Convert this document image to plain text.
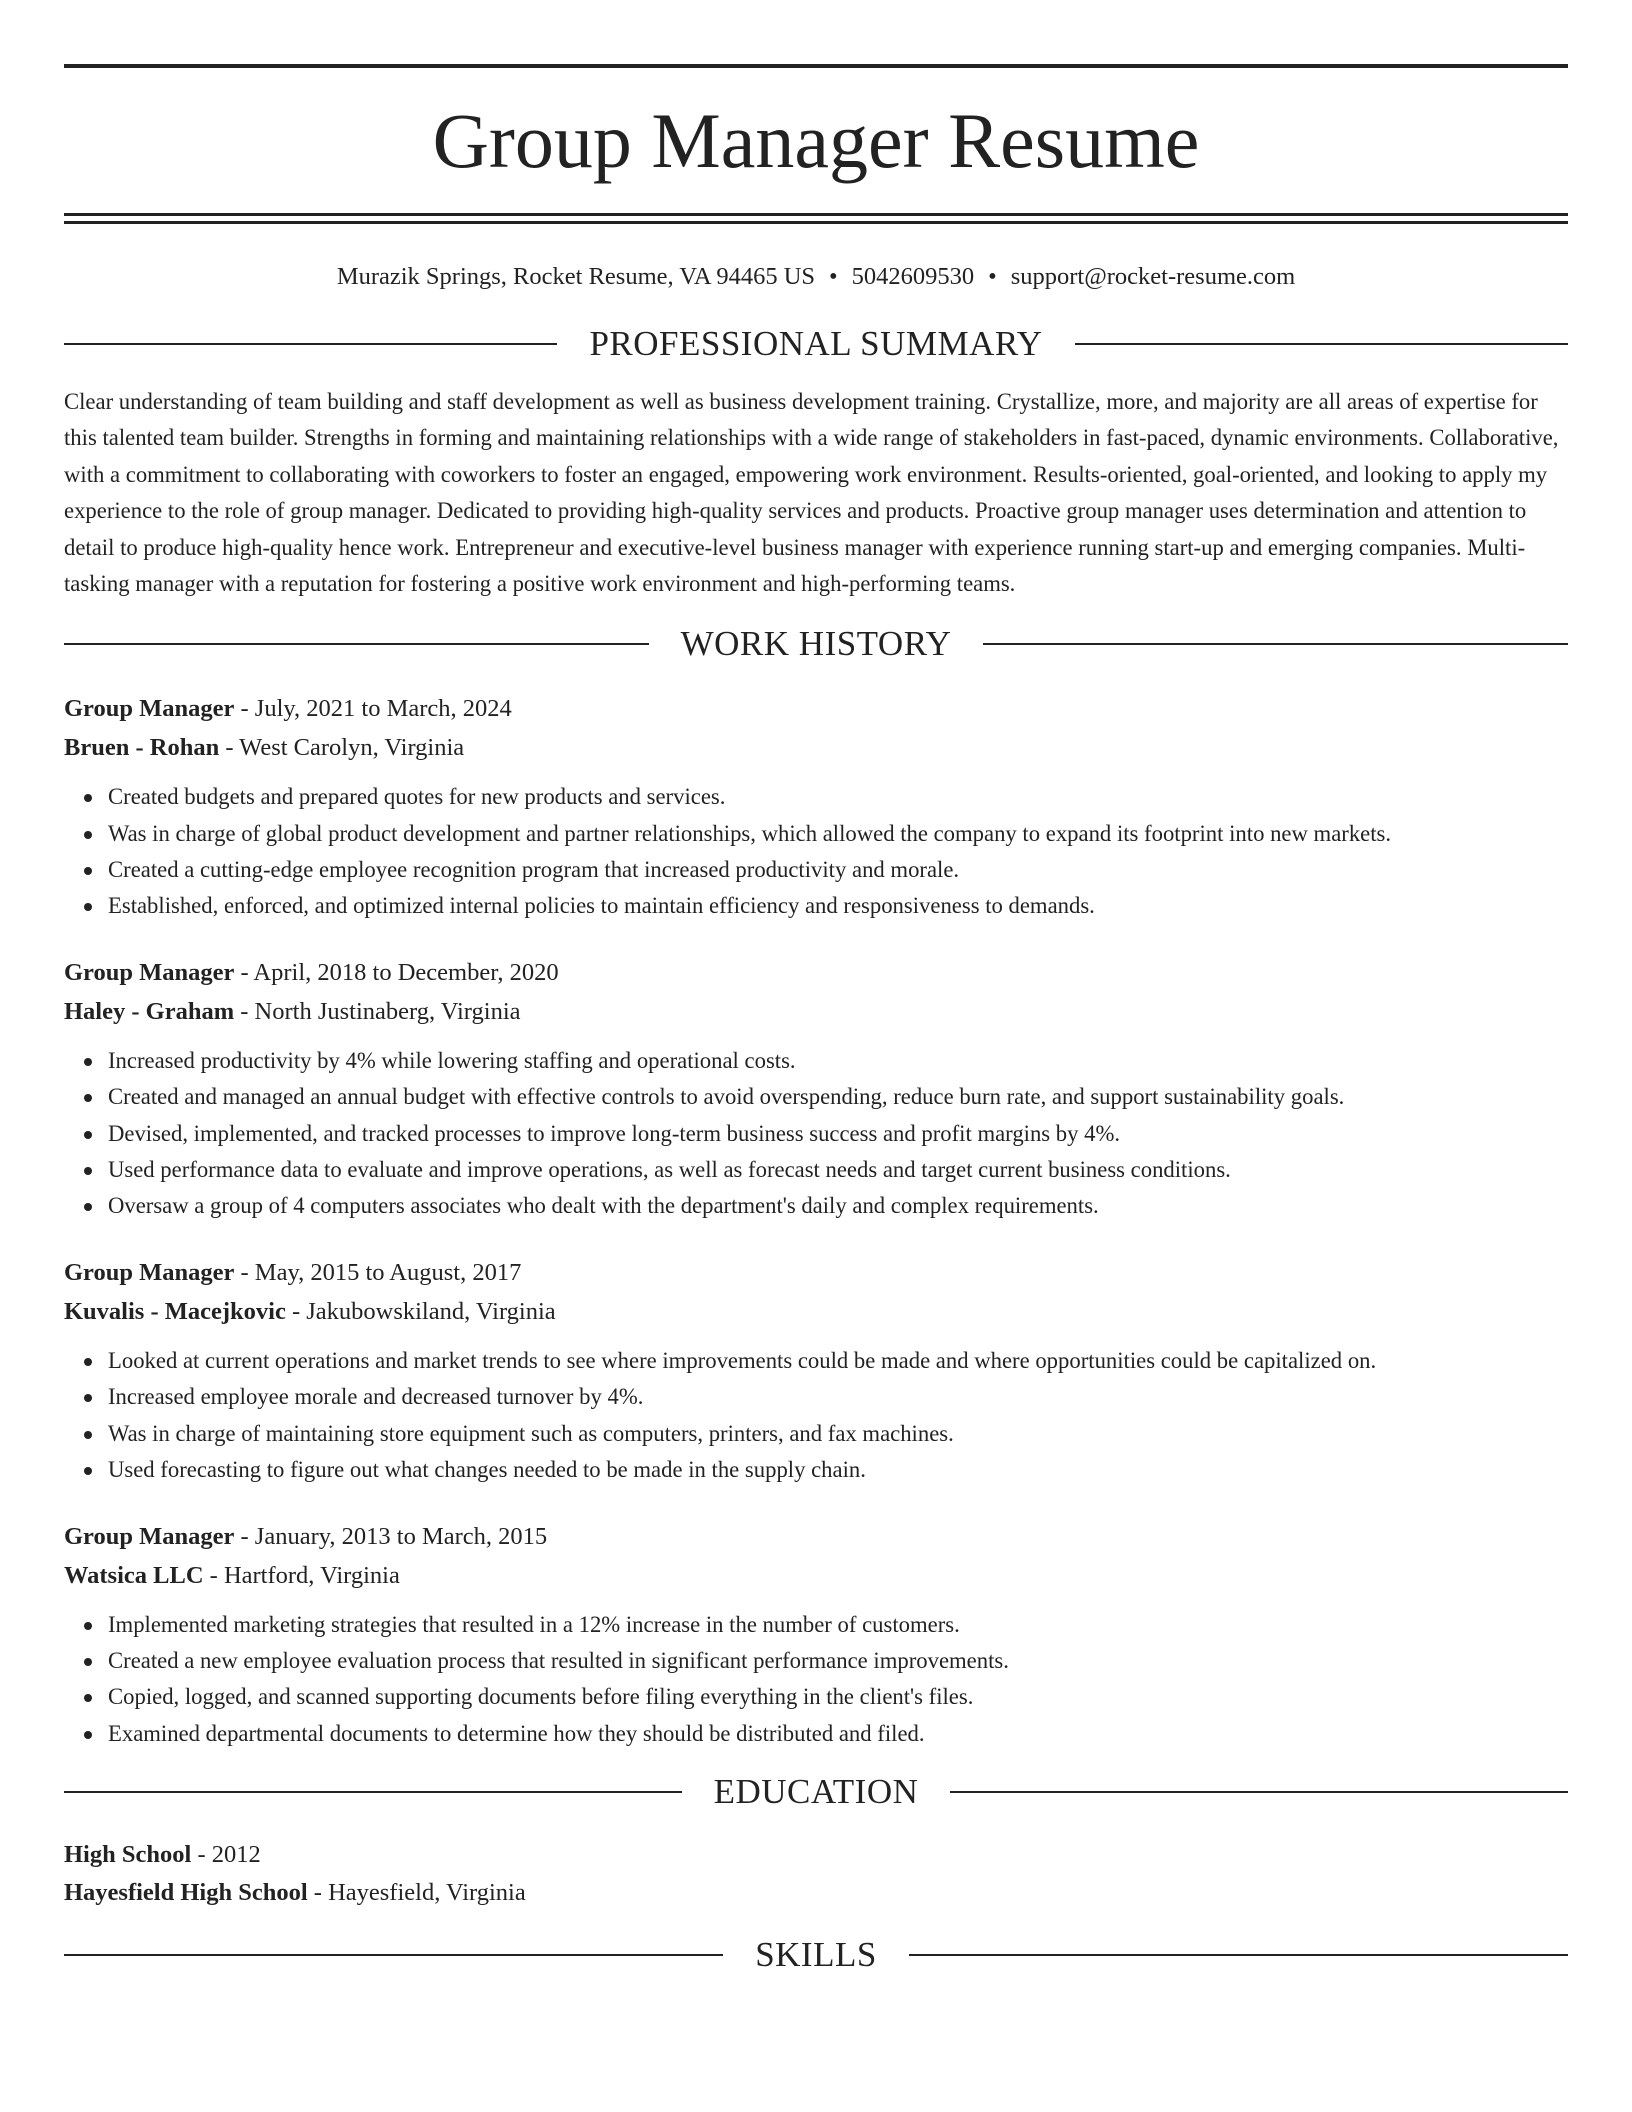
Group Manager Resume
Murazik Springs, Rocket Resume, VA 94465 US • 5042609530 • support@rocket-resume.com
PROFESSIONAL SUMMARY

Clear understanding of team building and staff development as well as business development training. Crystallize, more, and majority are all areas of expertise for this talented team builder. Strengths in forming and maintaining relationships with a wide range of stakeholders in fast-paced, dynamic environments. Collaborative, with a commitment to collaborating with coworkers to foster an engaged, empowering work environment. Results-oriented, goal-oriented, and looking to apply my experience to the role of group manager. Dedicated to providing high-quality services and products. Proactive group manager uses determination and attention to detail to produce high-quality hence work. Entrepreneur and executive-level business manager with experience running start-up and emerging companies. Multi-tasking manager with a reputation for fostering a positive work environment and high-performing teams.

WORK HISTORY
Group Manager - July, 2021 to March, 2024
Bruen - Rohan - West Carolyn, Virginia
Created budgets and prepared quotes for new products and services.
Was in charge of global product development and partner relationships, which allowed the company to expand its footprint into new markets.
Created a cutting-edge employee recognition program that increased productivity and morale.
Established, enforced, and optimized internal policies to maintain efficiency and responsiveness to demands.
Group Manager - April, 2018 to December, 2020
Haley - Graham - North Justinaberg, Virginia
Increased productivity by 4% while lowering staffing and operational costs.
Created and managed an annual budget with effective controls to avoid overspending, reduce burn rate, and support sustainability goals.
Devised, implemented, and tracked processes to improve long-term business success and profit margins by 4%.
Used performance data to evaluate and improve operations, as well as forecast needs and target current business conditions.
Oversaw a group of 4 computers associates who dealt with the department's daily and complex requirements.
Group Manager - May, 2015 to August, 2017
Kuvalis - Macejkovic - Jakubowskiland, Virginia
Looked at current operations and market trends to see where improvements could be made and where opportunities could be capitalized on.
Increased employee morale and decreased turnover by 4%.
Was in charge of maintaining store equipment such as computers, printers, and fax machines.
Used forecasting to figure out what changes needed to be made in the supply chain.
Group Manager - January, 2013 to March, 2015
Watsica LLC - Hartford, Virginia
Implemented marketing strategies that resulted in a 12% increase in the number of customers.
Created a new employee evaluation process that resulted in significant performance improvements.
Copied, logged, and scanned supporting documents before filing everything in the client's files.
Examined departmental documents to determine how they should be distributed and filed.
EDUCATION
High School - 2012
Hayesfield High School - Hayesfield, Virginia
SKILLS
